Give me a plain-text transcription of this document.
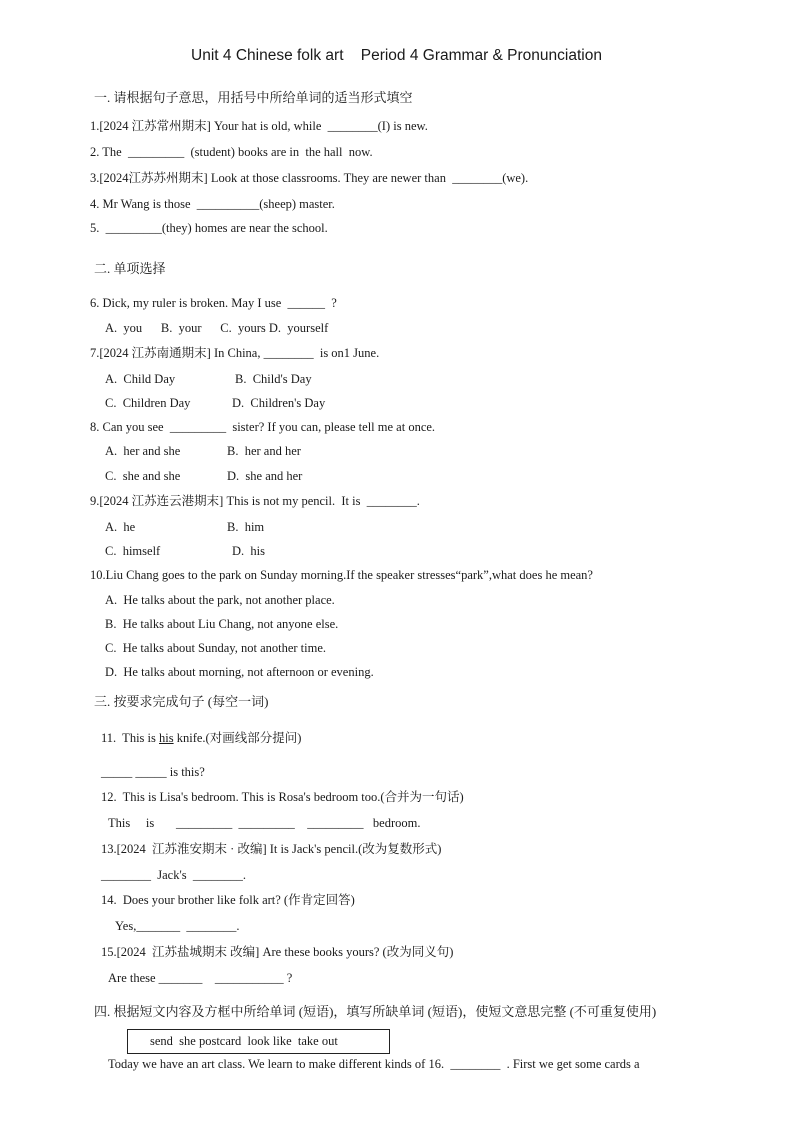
Unit 4 Chinese folk art    Period 4 Grammar & Pronunciation
一. 请根据句子意思，用括号中所给单词的适当形式填空
1.[2024 江苏常州期末] Your hat is old, while  ________(I) is new.
2. The  _________  (student) books are in  the hall  now.
3.[2024江苏苏州期末] Look at those classrooms. They are newer than  ________(we).
4. Mr Wang is those  __________(sheep) master.
5.  _________(they) homes are near the school.
二. 单项选择
6. Dick, my ruler is broken. May I use  ______  ?
A.  you      B.  your      C.  yours D.  yourself
7.[2024 江苏南通期末] In China, ________  is on1 June.
A.  Child Day	B.  Child's Day
C.  Children Day	D.  Children's Day
8. Can you see  _________  sister? If you can, please tell me at once.
A.  her and she	B.  her and her
C.  she and she	D.  she and her
9.[2024 江苏连云港期末] This is not my pencil.  It is  ________.
A.  he	B.  him
C.  himself	D.  his
10.Liu Chang goes to the park on Sunday morning.If the speaker stresses“park”,what does he mean?
A.  He talks about the park, not another place.
B.  He talks about Liu Chang, not anyone else.
C.  He talks about Sunday, not another time.
D.  He talks about morning, not afternoon or evening.
三. 按要求完成句子 (每空一词)
11.  This is his knife.(对画线部分提问)
_____ _____ is this?
12.  This is Lisa's bedroom. This is Rosa's bedroom too.(合并为一句话)
This     is       _________  _________    _________   bedroom.
13.[2024  江苏淮安期末 · 改编] It is Jack's pencil.(改为复数形式)
________  Jack's  ________.
14.  Does your brother like folk art? (作肯定回答)
Yes,_______  ________.
15.[2024  江苏盐城期末 改编] Are these books yours? (改为同义句)
Are these _______    ___________ ?
四. 根据短文内容及方框中所给单词 (短语)，填写所缺单词 (短语)，使短文意思完整 (不可重复使用)
send  she postcard  look like  take out
Today we have an art class. We learn to make different kinds of 16.  ________  . First we get some cards a
